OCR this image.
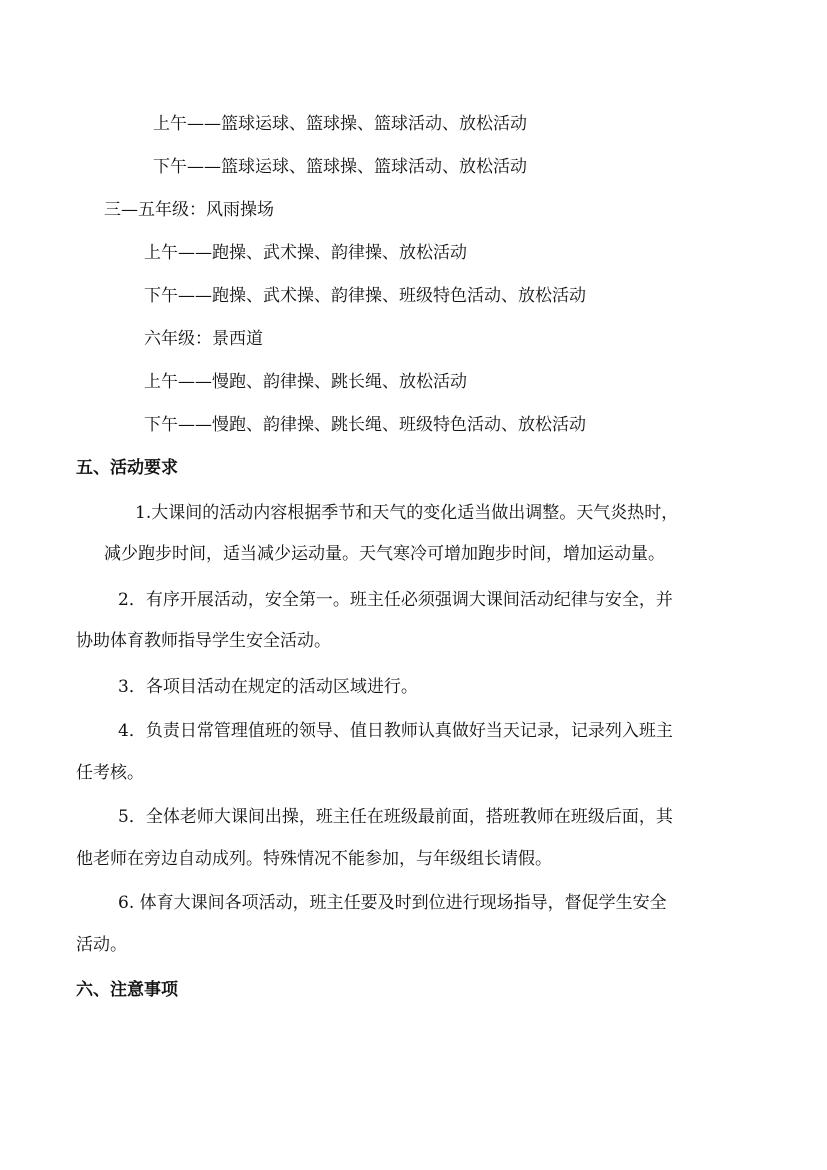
上午——篮球运球、篮球操、篮球活动、放松活动
下午——篮球运球、篮球操、篮球活动、放松活动
三—五年级：风雨操场
上午——跑操、武术操、韵律操、放松活动
下午——跑操、武术操、韵律操、班级特色活动、放松活动
六年级：景西道
上午——慢跑、韵律操、跳长绳、放松活动
下午——慢跑、韵律操、跳长绳、班级特色活动、放松活动
五、活动要求
1.大课间的活动内容根据季节和天气的变化适当做出调整。天气炎热时，
减少跑步时间，适当减少运动量。天气寒冷可增加跑步时间，增加运动量。
2．有序开展活动，安全第一。班主任必须强调大课间活动纪律与安全，并
协助体育教师指导学生安全活动。
3．各项目活动在规定的活动区域进行。
4．负责日常管理值班的领导、值日教师认真做好当天记录，记录列入班主
任考核。
5．全体老师大课间出操，班主任在班级最前面，搭班教师在班级后面，其
他老师在旁边自动成列。特殊情况不能参加，与年级组长请假。
6. 体育大课间各项活动，班主任要及时到位进行现场指导，督促学生安全
活动。
六、注意事项
